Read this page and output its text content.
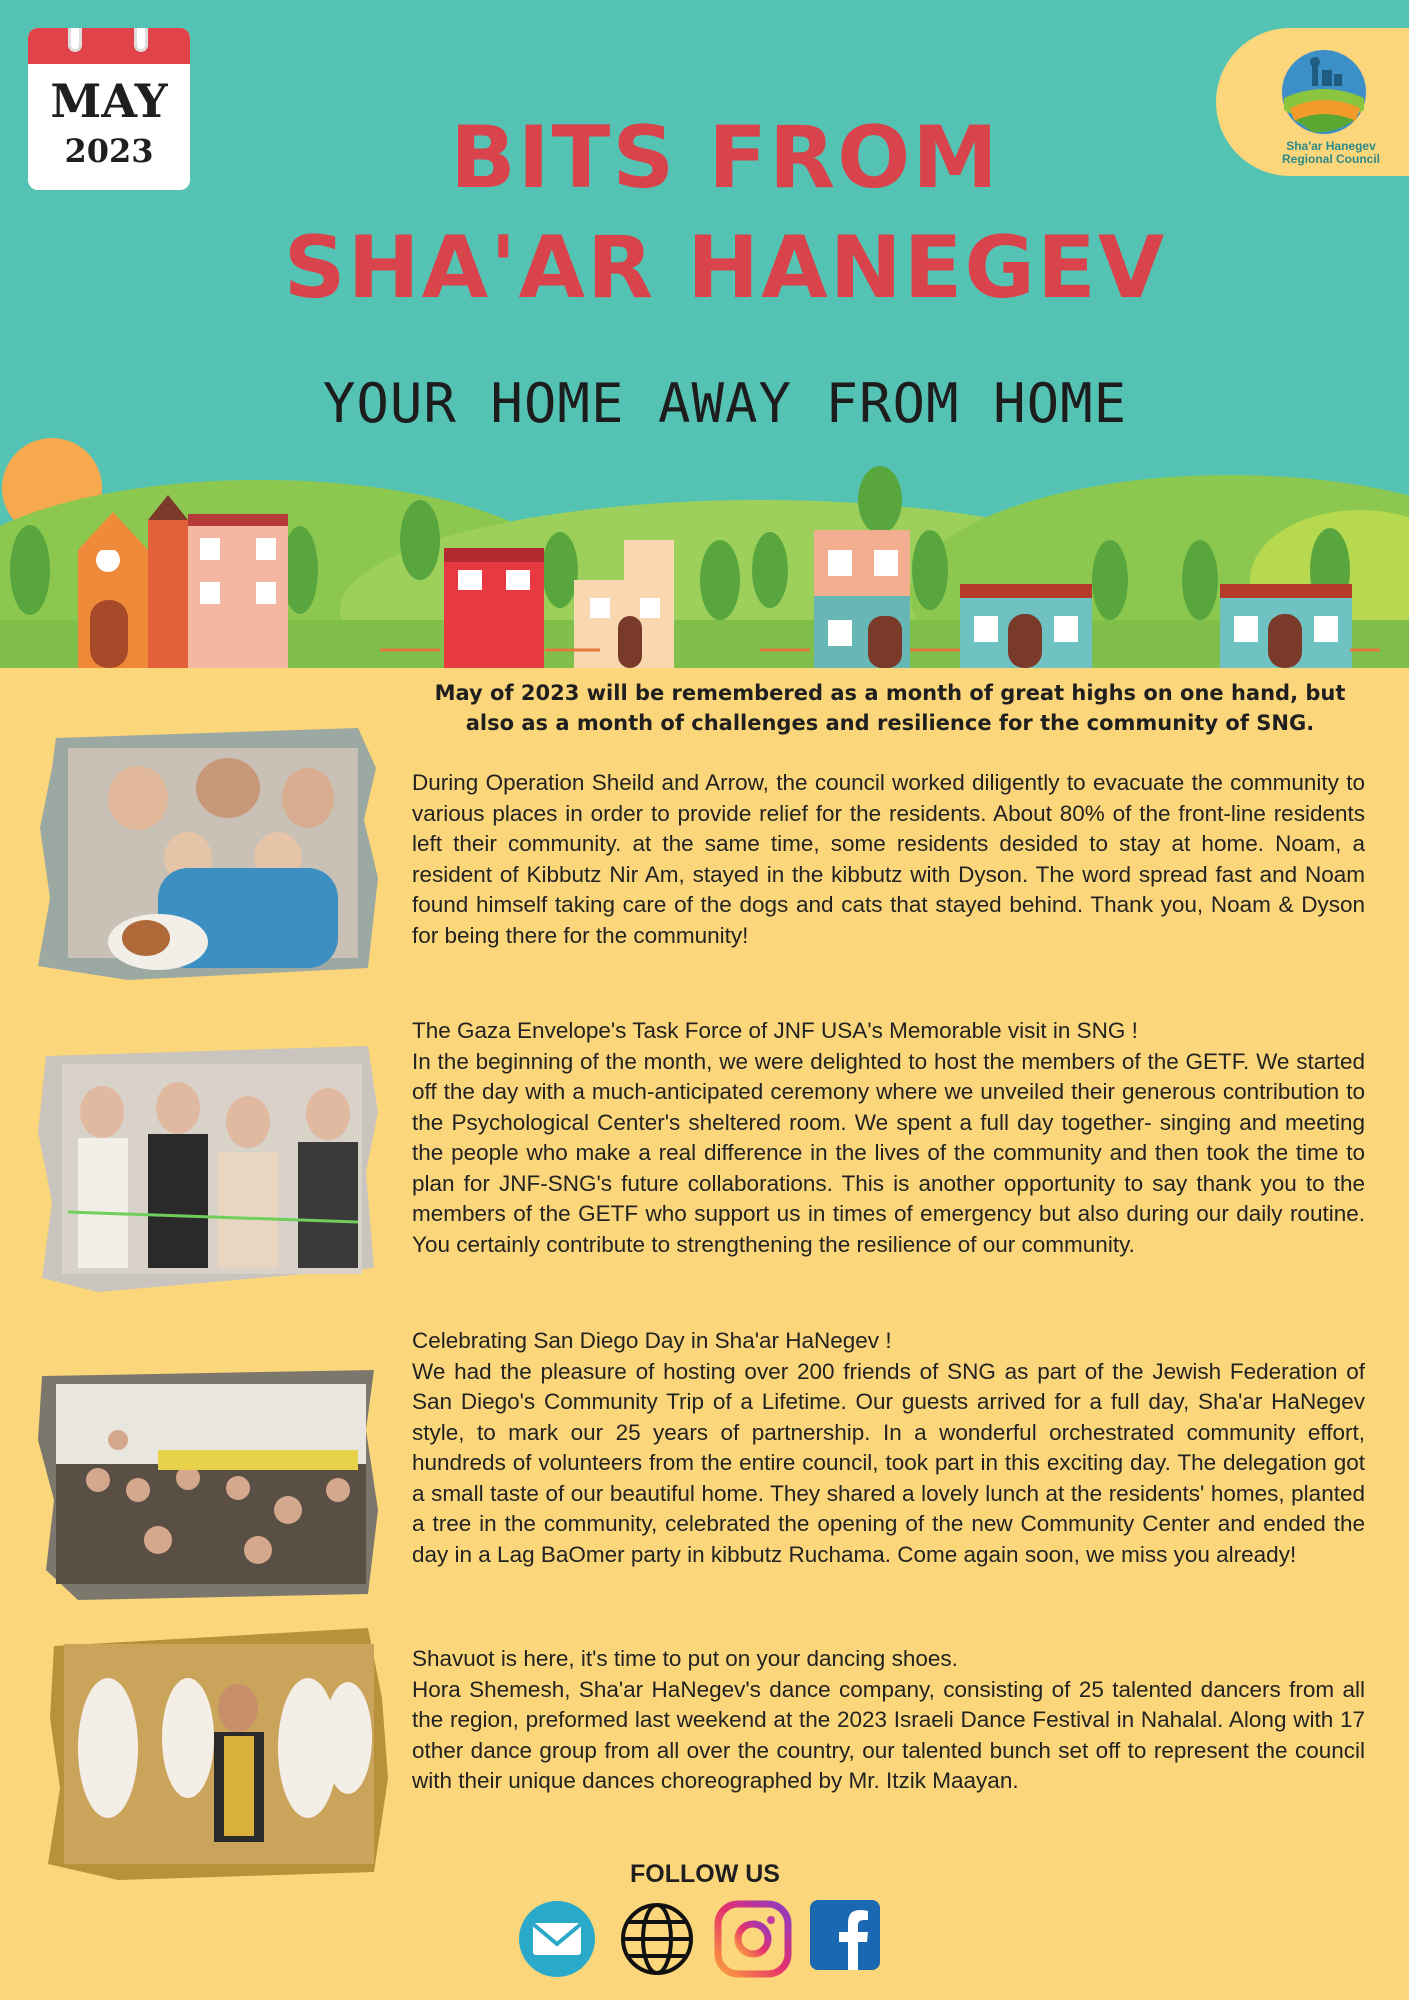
MAY
2023	Sha'ar Hanegev
Regional Council
BITS FROM
SHA'AR HANEGEV
YOUR HOME AWAY FROM HOME
May of 2023 will be remembered as a month of great highs on one hand, but also as a month of challenges and resilience for the community of SNG.
During Operation Sheild and Arrow, the council worked diligently to evacuate the community to various places in order to provide relief for the residents. About 80% of the front-line residents left their community. at the same time, some residents desided to stay at home. Noam, a resident of Kibbutz Nir Am, stayed in the kibbutz with Dyson. The word spread fast and Noam found himself taking care of the dogs and cats that stayed behind. Thank you, Noam & Dyson for being there for the community!
The Gaza Envelope's Task Force of JNF USA's Memorable visit in SNG !
In the beginning of the month, we were delighted to host the members of the GETF. We started off the day with a much-anticipated ceremony where we unveiled their generous contribution to the Psychological Center's sheltered room. We spent a full day together- singing and meeting the people who make a real difference in the lives of the community and then took the time to plan for JNF-SNG's future collaborations. This is another opportunity to say thank you to the members of the GETF who support us in times of emergency but also during our daily routine. You certainly contribute to strengthening the resilience of our community.
Celebrating San Diego Day in Sha'ar HaNegev !
We had the pleasure of hosting over 200 friends of SNG as part of the Jewish Federation of San Diego's Community Trip of a Lifetime. Our guests arrived for a full day, Sha'ar HaNegev style, to mark our 25 years of partnership. In a wonderful orchestrated community effort, hundreds of volunteers from the entire council, took part in this exciting day. The delegation got a small taste of our beautiful home. They shared a lovely lunch at the residents' homes, planted a tree in the community, celebrated the opening of the new Community Center and ended the day in a Lag BaOmer party in kibbutz Ruchama. Come again soon, we miss you already!
Shavuot is here, it's time to put on your dancing shoes.
Hora Shemesh, Sha'ar HaNegev's dance company, consisting of 25 talented dancers from all the region, preformed last weekend at the 2023 Israeli Dance Festival in Nahalal. Along with 17 other dance group from all over the country, our talented bunch set off to represent the council with their unique dances choreographed by Mr. Itzik Maayan.
FOLLOW US
